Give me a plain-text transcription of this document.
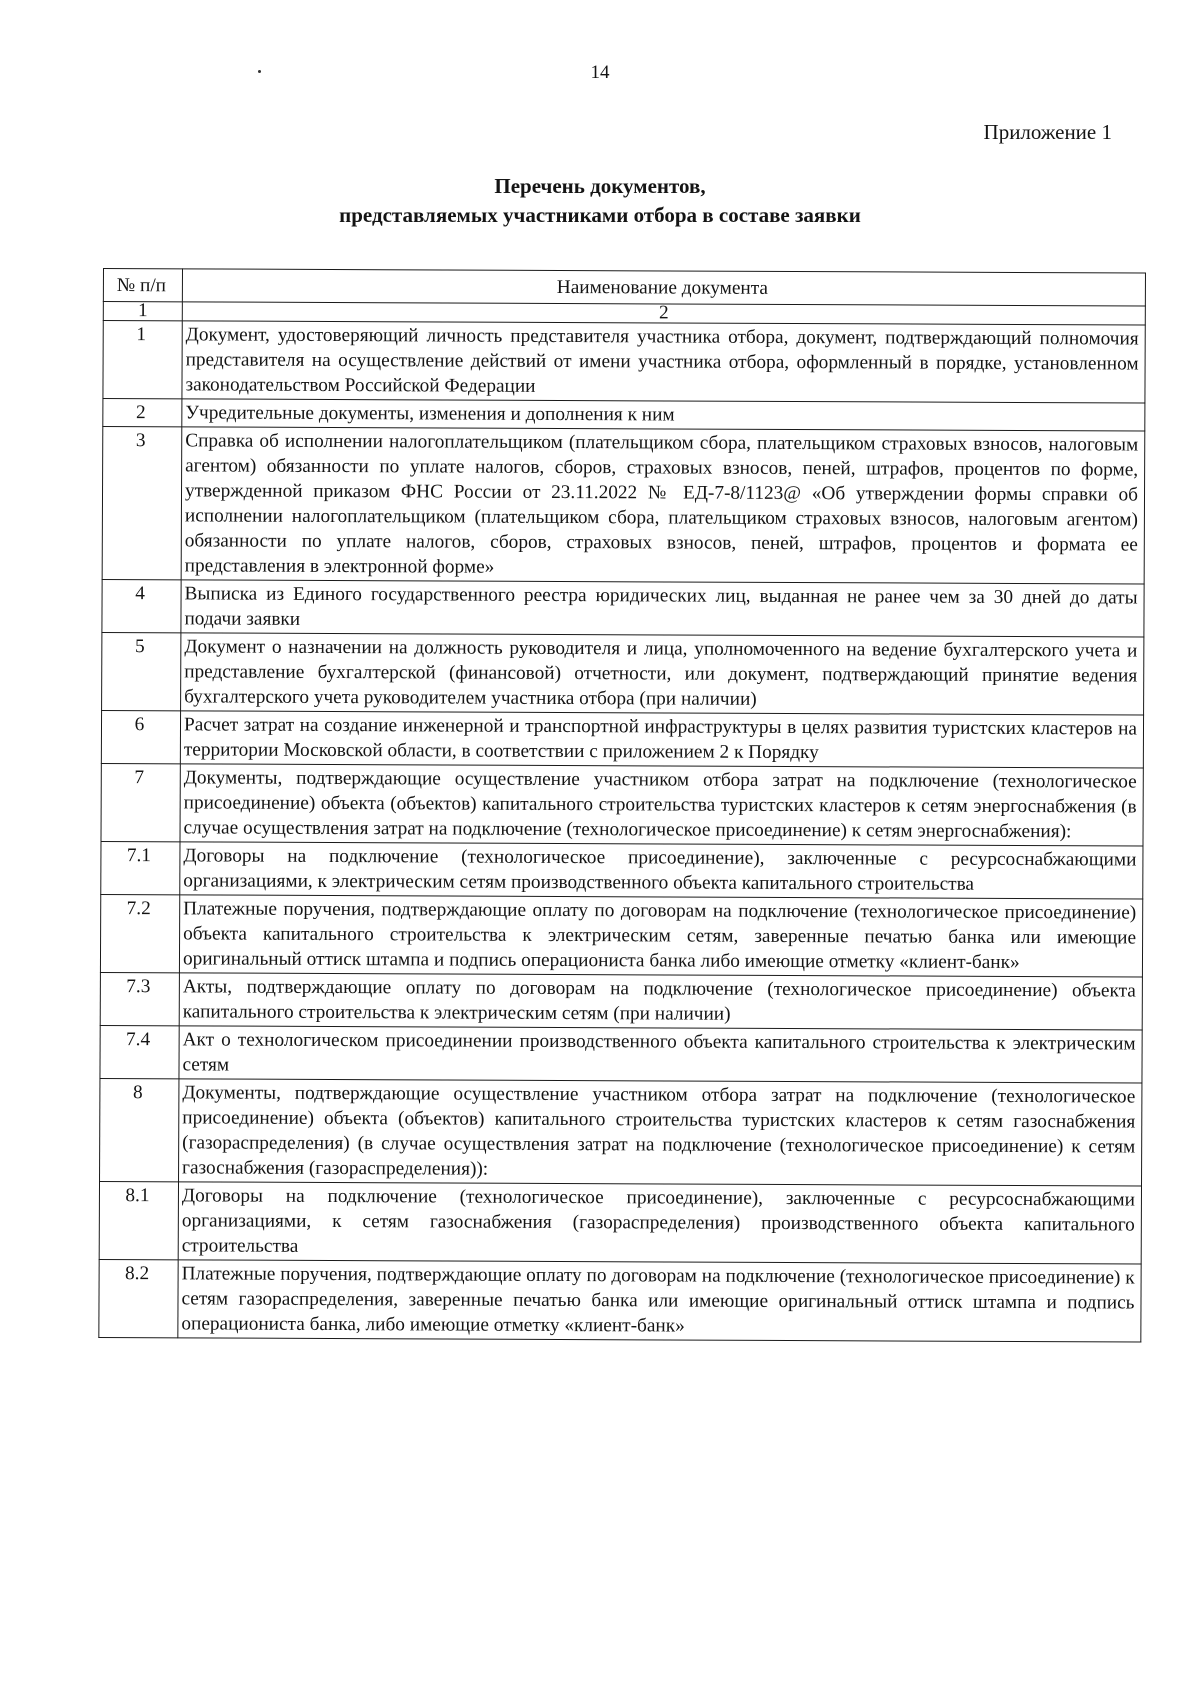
14
Приложение 1
Перечень документов,
представляемых участниками отбора в составе заявки
№ п/п	Наименование документа
1	2
1	Документ, удостоверяющий личность представителя участника отбора, документ, подтверждающий полномочия представителя на осуществление действий от имени участника отбора, оформленный в порядке, установленном законодательством Российской Федерации
2	Учредительные документы, изменения и дополнения к ним
3	Справка об исполнении налогоплательщиком (плательщиком сбора, плательщиком страховых взносов, налоговым агентом) обязанности по уплате налогов, сборов, страховых взносов, пеней, штрафов, процентов по форме, утвержденной приказом ФНС России от 23.11.2022 № ЕД-7-8/1123@ «Об утверждении формы справки об исполнении налогоплательщиком (плательщиком сбора, плательщиком страховых взносов, налоговым агентом) обязанности по уплате налогов, сборов, страховых взносов, пеней, штрафов, процентов и формата ее представления в электронной форме»
4	Выписка из Единого государственного реестра юридических лиц, выданная не ранее чем за 30 дней до даты подачи заявки
5	Документ о назначении на должность руководителя и лица, уполномоченного на ведение бухгалтерского учета и представление бухгалтерской (финансовой) отчетности, или документ, подтверждающий принятие ведения бухгалтерского учета руководителем участника отбора (при наличии)
6	Расчет затрат на создание инженерной и транспортной инфраструктуры в целях развития туристских кластеров на территории Московской области, в соответствии с приложением 2 к Порядку
7	Документы, подтверждающие осуществление участником отбора затрат на подключение (технологическое присоединение) объекта (объектов) капитального строительства туристских кластеров к сетям энергоснабжения (в случае осуществления затрат на подключение (технологическое присоединение) к сетям энергоснабжения):
7.1	Договоры на подключение (технологическое присоединение), заключенные с ресурсоснабжающими организациями, к электрическим сетям производственного объекта капитального строительства
7.2	Платежные поручения, подтверждающие оплату по договорам на подключение (технологическое присоединение) объекта капитального строительства к электрическим сетям, заверенные печатью банка или имеющие оригинальный оттиск штампа и подпись операциониста банка либо имеющие отметку «клиент-банк»
7.3	Акты, подтверждающие оплату по договорам на подключение (технологическое присоединение) объекта капитального строительства к электрическим сетям (при наличии)
7.4	Акт о технологическом присоединении производственного объекта капитального строительства к электрическим сетям
8	Документы, подтверждающие осуществление участником отбора затрат на подключение (технологическое присоединение) объекта (объектов) капитального строительства туристских кластеров к сетям газоснабжения (газораспределения) (в случае осуществления затрат на подключение (технологическое присоединение) к сетям газоснабжения (газораспределения)):
8.1	Договоры на подключение (технологическое присоединение), заключенные с ресурсоснабжающими организациями, к сетям газоснабжения (газораспределения) производственного объекта капитального строительства
8.2	Платежные поручения, подтверждающие оплату по договорам на подключение (технологическое присоединение) к сетям газораспределения, заверенные печатью банка или имеющие оригинальный оттиск штампа и подпись операциониста банка, либо имеющие отметку «клиент-банк»
